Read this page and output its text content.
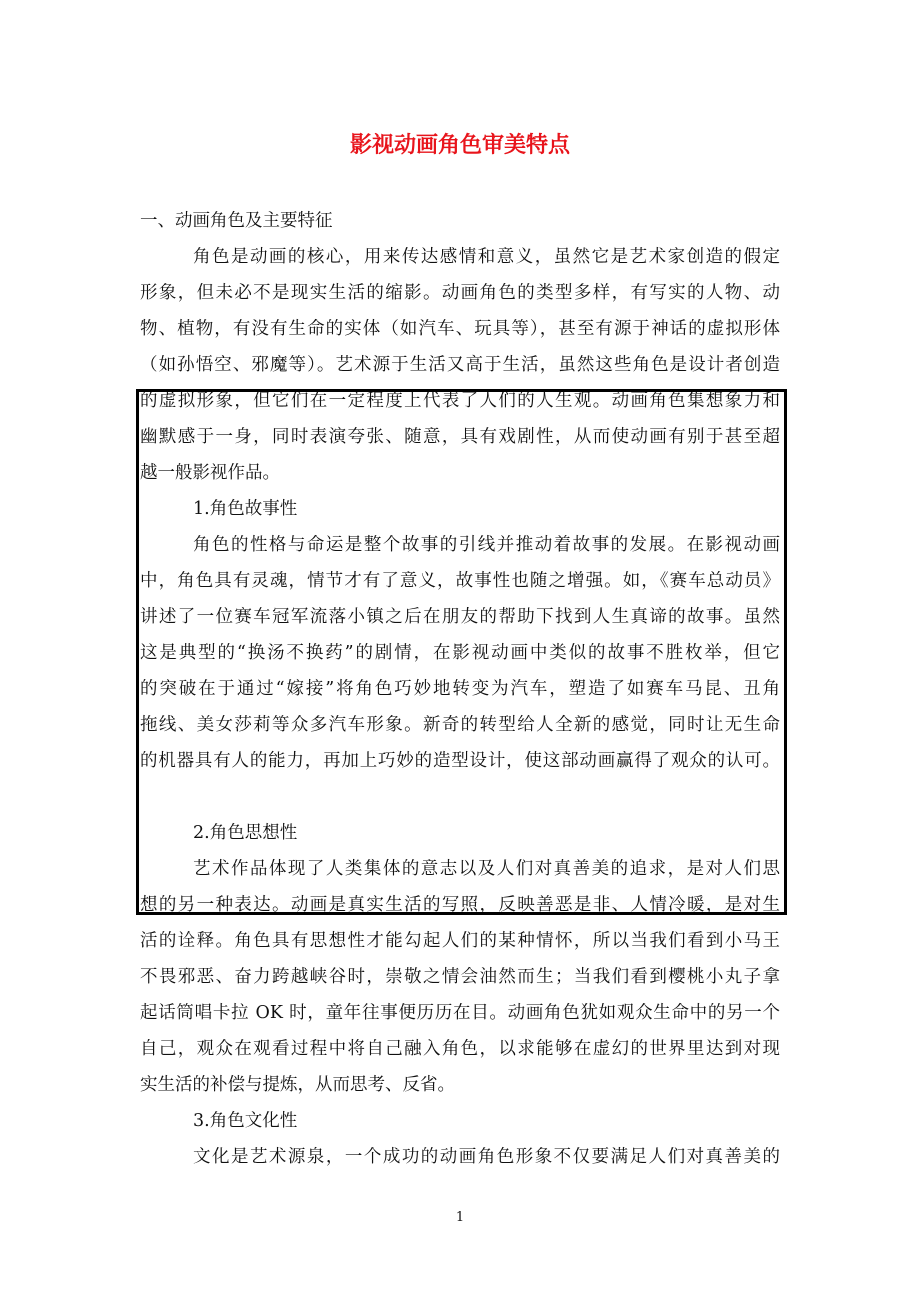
影视动画角色审美特点
一、动画角色及主要特征
角色是动画的核心，用来传达感情和意义，虽然它是艺术家创造的假定
形象，但未必不是现实生活的缩影。动画角色的类型多样，有写实的人物、动
物、植物，有没有生命的实体（如汽车、玩具等），甚至有源于神话的虚拟形体
（如孙悟空、邪魔等）。艺术源于生活又高于生活，虽然这些角色是设计者创造
的虚拟形象，但它们在一定程度上代表了人们的人生观。动画角色集想象力和
幽默感于一身，同时表演夸张、随意，具有戏剧性，从而使动画有别于甚至超
越一般影视作品。
1.角色故事性
角色的性格与命运是整个故事的引线并推动着故事的发展。在影视动画
中，角色具有灵魂，情节才有了意义，故事性也随之增强。如，《赛车总动员》
讲述了一位赛车冠军流落小镇之后在朋友的帮助下找到人生真谛的故事。虽然
这是典型的“换汤不换药”的剧情，在影视动画中类似的故事不胜枚举，但它
的突破在于通过“嫁接”将角色巧妙地转变为汽车，塑造了如赛车马昆、丑角
拖线、美女莎莉等众多汽车形象。新奇的转型给人全新的感觉，同时让无生命
的机器具有人的能力，再加上巧妙的造型设计，使这部动画赢得了观众的认可。
2.角色思想性
艺术作品体现了人类集体的意志以及人们对真善美的追求，是对人们思
想的另一种表达。动画是真实生活的写照，反映善恶是非、人情冷暖，是对生
活的诠释。角色具有思想性才能勾起人们的某种情怀，所以当我们看到小马王
不畏邪恶、奋力跨越峡谷时，崇敬之情会油然而生；当我们看到樱桃小丸子拿
起话筒唱卡拉 OK 时，童年往事便历历在目。动画角色犹如观众生命中的另一个
自己，观众在观看过程中将自己融入角色，以求能够在虚幻的世界里达到对现
实生活的补偿与提炼，从而思考、反省。
3.角色文化性
文化是艺术源泉，一个成功的动画角色形象不仅要满足人们对真善美的
1
